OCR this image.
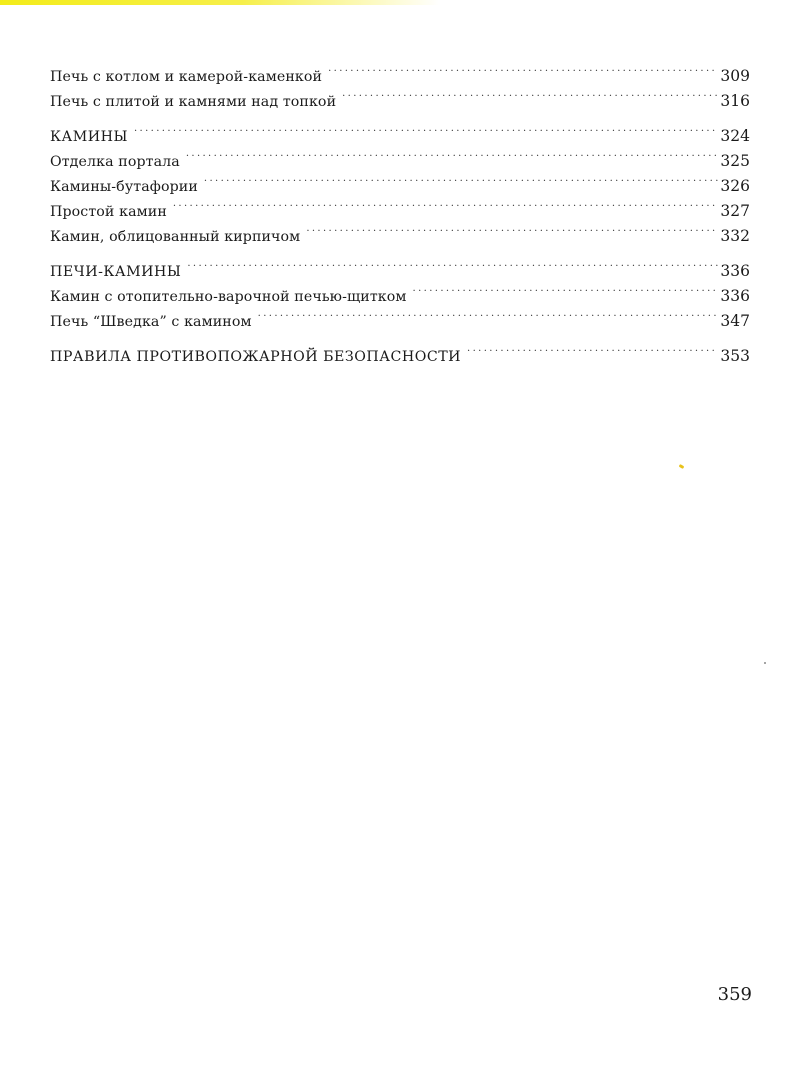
Печь с котлом и камерой-каменкой . . .	309
Печь с плитой и камнями над топкой . . .	316
КАМИНЫ . . .	324
Отделка портала . . .	325
Камины-бутафории . . .	326
Простой камин . . .	327
Камин, облицованный кирпичом . . .	332
ПЕЧИ-КАМИНЫ . . .	336
Камин с отопительно-варочной печью-щитком . . .	336
Печь “Шведка” с камином . . .	347
ПРАВИЛА ПРОТИВОПОЖАРНОЙ БЕЗОПАСНОСТИ . . .	353
359
